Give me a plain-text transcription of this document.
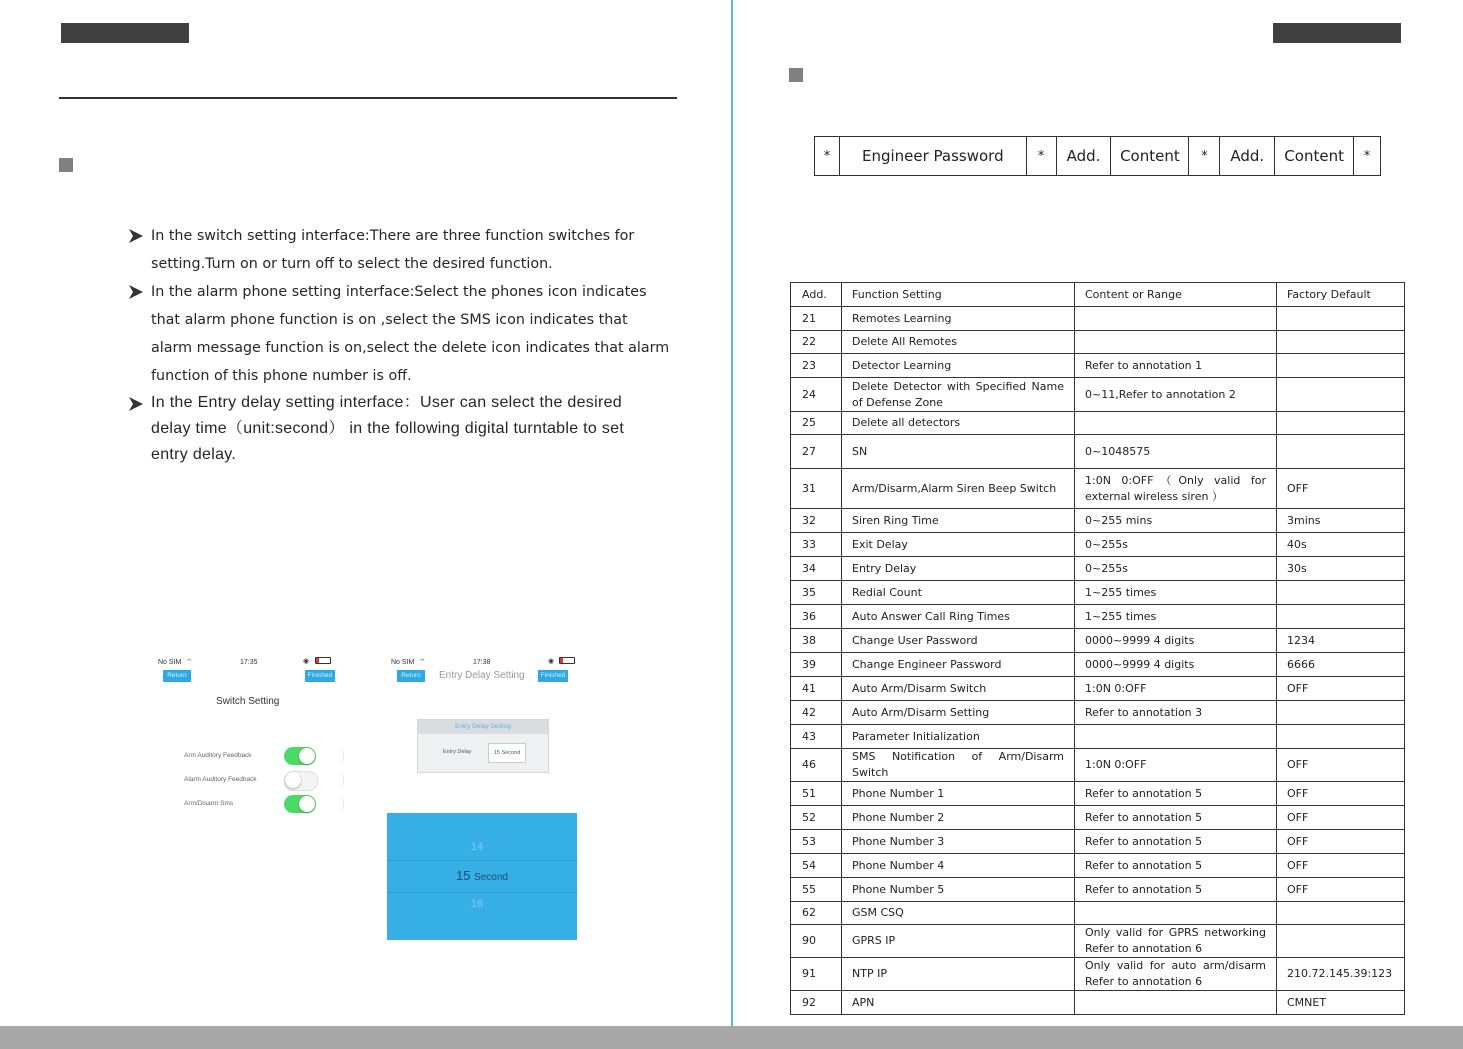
In the switch setting interface:There are three function switches for
setting.Turn on or turn off to select the desired function.
In the alarm phone setting interface:Select the phones icon indicates
that alarm phone function is on ,select the SMS icon indicates that
alarm message function is on,select the delete icon indicates that alarm
function of this phone number is off.
In the Entry delay setting interface：User can select the desired
delay time（unit:second） in the following digital turntable to set
entry delay.
No SIM ⌔	17:35	◉
Return	Finished
Switch Setting
Arm Auditory Feedback
Alarm Auditory Feedback
Arm/Disarm Sms
No SIM ⌔	17:38	◉
Return	Entry Delay Setting	Finished
Entry Delay Setting
Entry Delay	15 Second
14
15 Second
16
*	Engineer Password	*	Add.	Content	*	Add.	Content	*
Add.	Function Setting	Content or Range	Factory Default
21	Remotes Learning		
22	Delete All Remotes		
23	Detector Learning	Refer to annotation 1	
24	Delete Detector with Specified Name of Defense Zone	0~11,Refer to annotation 2	
25	Delete all detectors		
27	SN	0~1048575	
31	Arm/Disarm,Alarm Siren Beep Switch	1:0N 0:OFF（Only valid for external wireless siren ）	OFF
32	Siren Ring Time	0~255 mins	3mins
33	Exit Delay	0~255s	40s
34	Entry Delay	0~255s	30s
35	Redial Count	1~255 times	
36	Auto Answer Call Ring Times	1~255 times	
38	Change User Password	0000~9999 4 digits	1234
39	Change Engineer Password	0000~9999 4 digits	6666
41	Auto Arm/Disarm Switch	1:0N 0:OFF	OFF
42	Auto Arm/Disarm Setting	Refer to annotation 3	
43	Parameter Initialization		
46	SMS Notification of Arm/Disarm Switch	1:0N 0:OFF	OFF
51	Phone Number 1	Refer to annotation 5	OFF
52	Phone Number 2	Refer to annotation 5	OFF
53	Phone Number 3	Refer to annotation 5	OFF
54	Phone Number 4	Refer to annotation 5	OFF
55	Phone Number 5	Refer to annotation 5	OFF
62	GSM CSQ		
90	GPRS IP	Only valid for GPRS networking Refer to annotation 6	
91	NTP IP	Only valid for auto arm/disarm Refer to annotation 6	210.72.145.39:123
92	APN		CMNET
